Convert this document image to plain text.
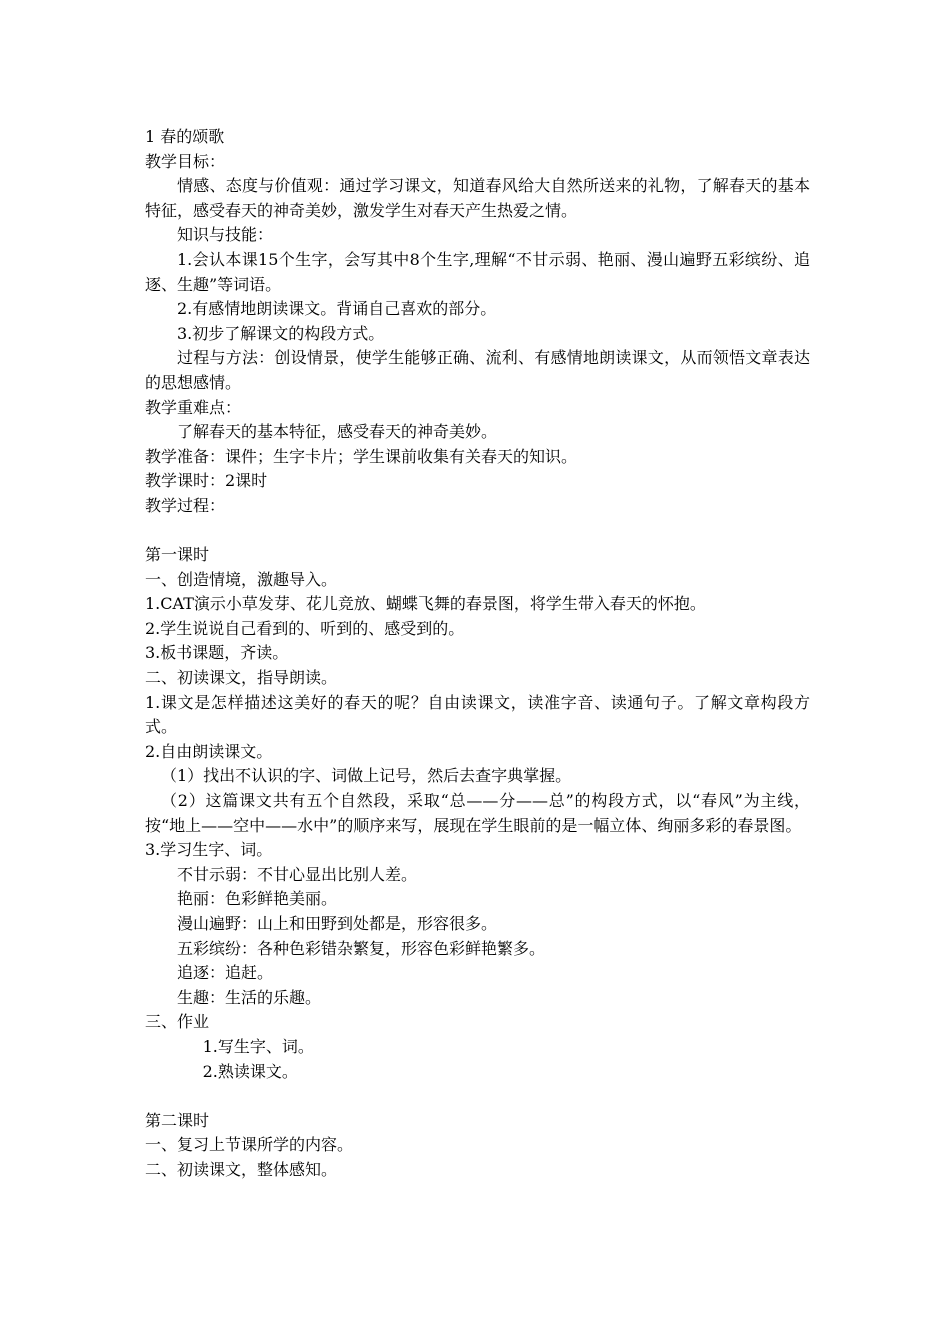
1 春的颂歌
教学目标：
情感、态度与价值观：通过学习课文，知道春风给大自然所送来的礼物，了解春天的基本特征，感受春天的神奇美妙，激发学生对春天产生热爱之情。
知识与技能：
1.会认本课15个生字，会写其中8个生字,理解“不甘示弱、艳丽、漫山遍野五彩缤纷、追逐、生趣”等词语。
2.有感情地朗读课文。背诵自己喜欢的部分。
3.初步了解课文的构段方式。
过程与方法：创设情景，使学生能够正确、流利、有感情地朗读课文，从而领悟文章表达的思想感情。
教学重难点：
了解春天的基本特征，感受春天的神奇美妙。
教学准备：课件；生字卡片；学生课前收集有关春天的知识。
教学课时：2课时
教学过程：
第一课时
一、创造情境，激趣导入。
1.CAT演示小草发芽、花儿竞放、蝴蝶飞舞的春景图，将学生带入春天的怀抱。
2.学生说说自己看到的、听到的、感受到的。
3.板书课题，齐读。
二、初读课文，指导朗读。
1.课文是怎样描述这美好的春天的呢？自由读课文，读准字音、读通句子。了解文章构段方式。
2.自由朗读课文。
（1）找出不认识的字、词做上记号，然后去查字典掌握。
（2）这篇课文共有五个自然段，采取“总——分——总”的构段方式，以“春风”为主线，按“地上——空中——水中”的顺序来写，展现在学生眼前的是一幅立体、绚丽多彩的春景图。
3.学习生字、词。
不甘示弱：不甘心显出比别人差。
艳丽：色彩鲜艳美丽。
漫山遍野：山上和田野到处都是，形容很多。
五彩缤纷：各种色彩错杂繁复，形容色彩鲜艳繁多。
追逐：追赶。
生趣：生活的乐趣。
三、作业
1.写生字、词。
2.熟读课文。
第二课时
一、复习上节课所学的内容。
二、初读课文，整体感知。
